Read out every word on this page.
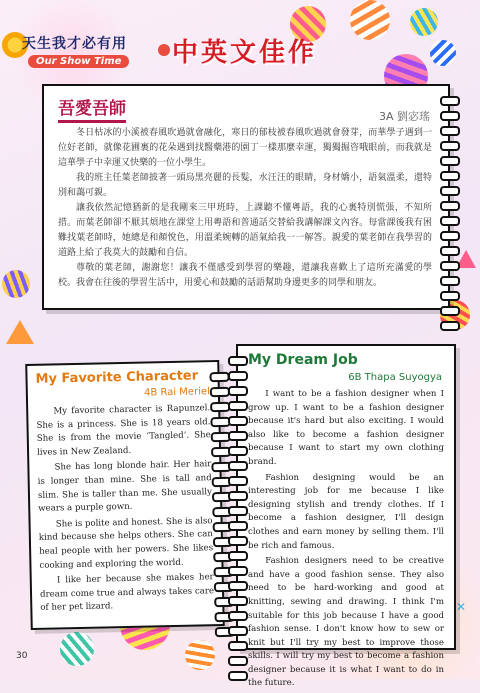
✕
天生我才必有用
Our Show Time	中英文佳作
吾愛吾師	3A 劉宓瑤

冬日枯冰的小溪被春風吹過就會融化，寒日的郁枝被春風吹過就會發芽，而華學子遇到一位好老師，就像花圃裏的花朵遇到找醫藥港的園丁一樣那麼幸運，獨獨掘咨哦眼前，而我就是這華學子中幸運又快樂的一位小學生。

我的班主任葉老師披著一頭烏黑亮麗的長髮，水汪汪的眼睛，身材嬌小，語氣溫柔，還特別和藹可親。

讓我依然記憶猶新的是我剛來三甲班時，上課聽不懂粵語，我的心裏特別慌張，不知所措。而葉老師卻不厭其煩地在課堂上用粵語和普通話交替給我講解課文內容。每當課後我有困難找葉老師時，她總是和顏悅色，用溫柔婉轉的語氣給我一一解答。親愛的葉老師在我學習的道路上給了我莫大的鼓勵和自信。

尊敬的葉老師，謝謝您！讓我不僅感受到學習的樂趣，還讓我喜歡上了這所充滿愛的學校。我會在往後的學習生活中，用愛心和鼓勵的話語幫助身邊更多的同學和朋友。

My Favorite Character
4B Rai Meriel

My favorite character is Rapunzel. She is a princess. She is 18 years old. She is from the movie ‘Tangled’. She lives in New Zealand.

She has long blonde hair. Her hair is longer than mine. She is tall and slim. She is taller than me. She usually wears a purple gown.

She is polite and honest. She is also kind because she helps others. She can heal people with her powers. She likes cooking and exploring the world.

I like her because she makes her dream come true and always takes care of her pet lizard.

My Dream Job
6B Thapa Suyogya

I want to be a fashion designer when I grow up. I want to be a fashion designer because it's hard but also exciting. I would also like to become a fashion designer because I want to start my own clothing brand.

Fashion designing would be an interesting job for me because I like designing stylish and trendy clothes. If I become a fashion designer, I'll design clothes and earn money by selling them. I'll be rich and famous.

Fashion designers need to be creative and have a good fashion sense. They also need to be hard-working and good at knitting, sewing and drawing. I think I'm suitable for this job because I have a good fashion sense. I don't know how to sew or knit but I'll try my best to improve those skills. I will try my best to become a fashion designer because it is what I want to do in the future.

30
